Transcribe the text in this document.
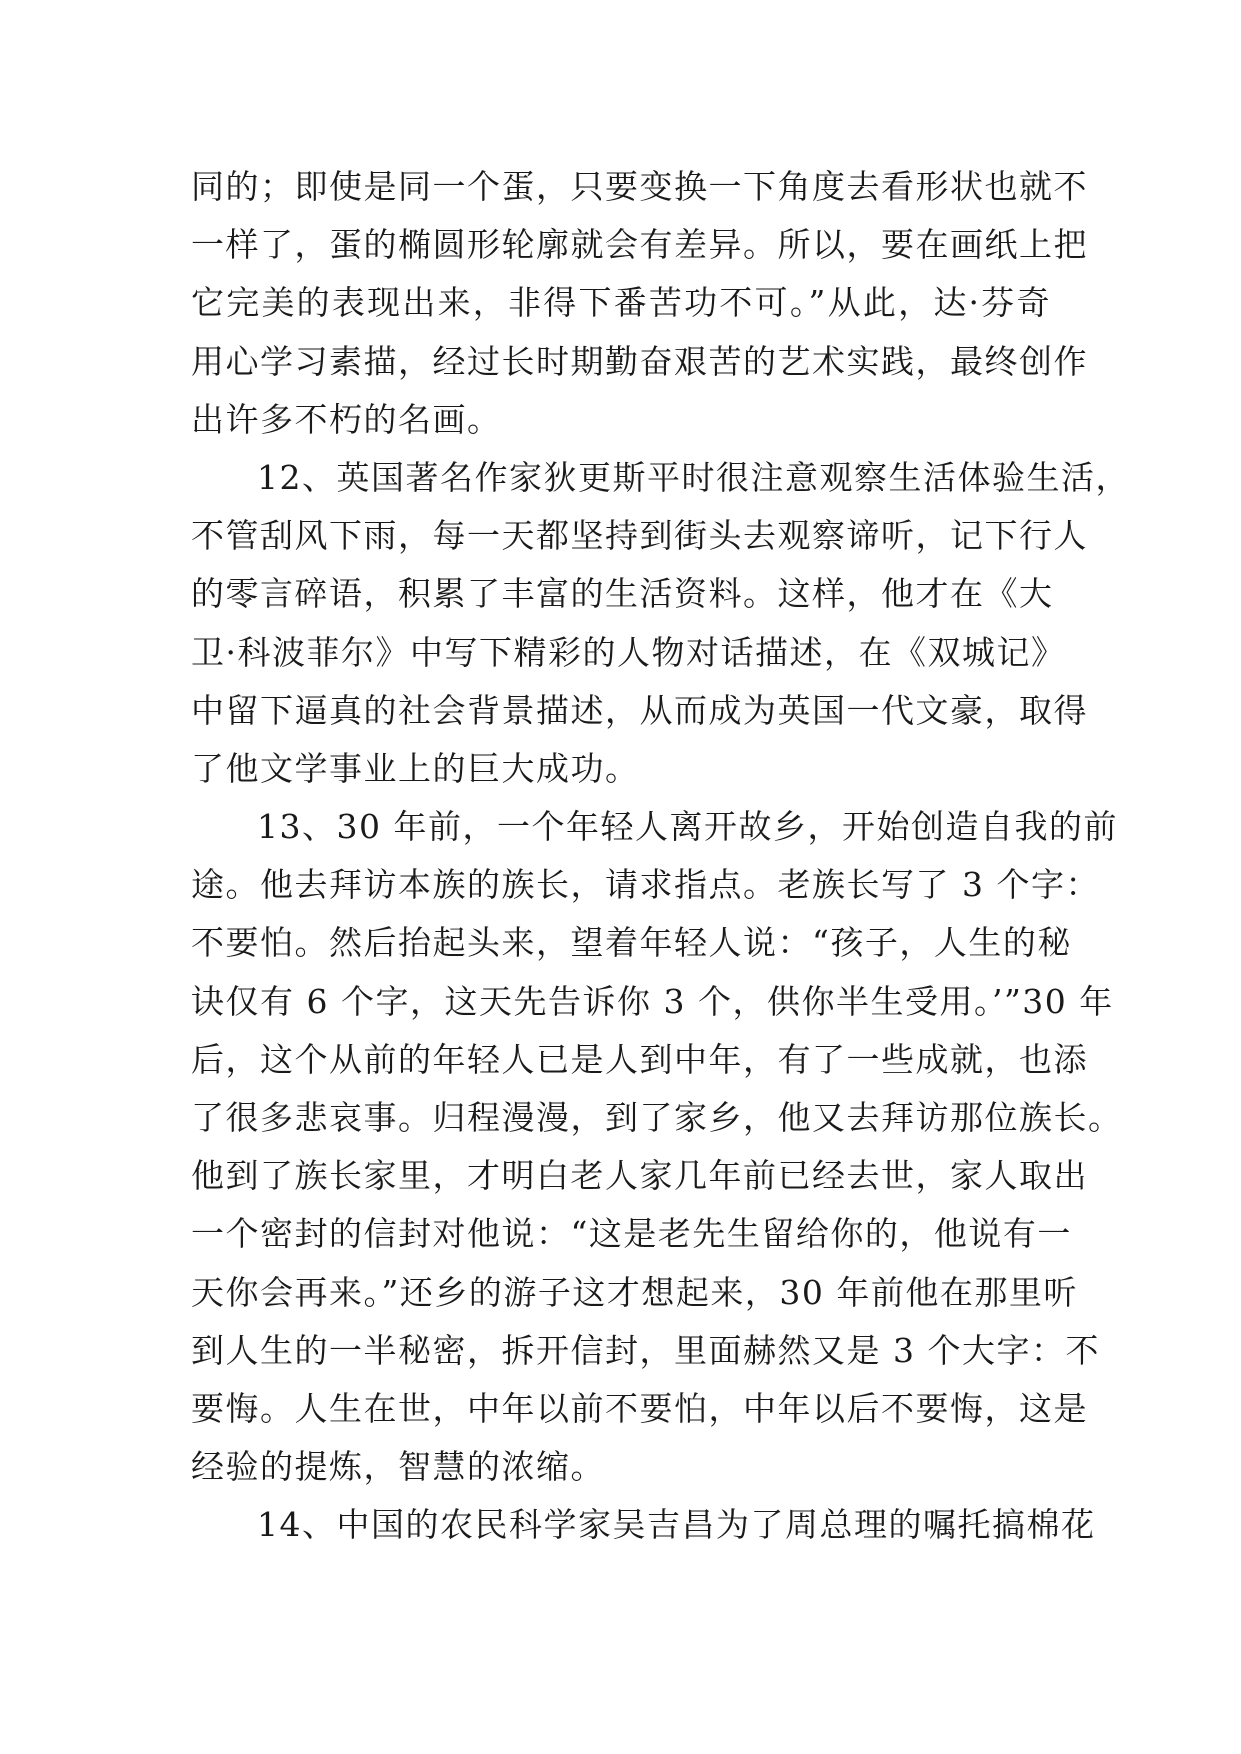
同的；即使是同一个蛋，只要变换一下角度去看形状也就不
一样了，蛋的椭圆形轮廓就会有差异。所以，要在画纸上把
它完美的表现出来，非得下番苦功不可。”从此，达·芬奇
用心学习素描，经过长时期勤奋艰苦的艺术实践，最终创作
出许多不朽的名画。
12、英国著名作家狄更斯平时很注意观察生活体验生活，
不管刮风下雨，每一天都坚持到街头去观察谛听，记下行人
的零言碎语，积累了丰富的生活资料。这样，他才在《大
卫·科波菲尔》中写下精彩的人物对话描述，在《双城记》
中留下逼真的社会背景描述，从而成为英国一代文豪，取得
了他文学事业上的巨大成功。
13、30 年前，一个年轻人离开故乡，开始创造自我的前
途。他去拜访本族的族长，请求指点。老族长写了 3 个字：
不要怕。然后抬起头来，望着年轻人说：“孩子，人生的秘
诀仅有 6 个字，这天先告诉你 3 个，供你半生受用。’”30 年
后，这个从前的年轻人已是人到中年，有了一些成就，也添
了很多悲哀事。归程漫漫，到了家乡，他又去拜访那位族长。
他到了族长家里，才明白老人家几年前已经去世，家人取出
一个密封的信封对他说：“这是老先生留给你的，他说有一
天你会再来。”还乡的游子这才想起来，30 年前他在那里听
到人生的一半秘密，拆开信封，里面赫然又是 3 个大字：不
要悔。人生在世，中年以前不要怕，中年以后不要悔，这是
经验的提炼，智慧的浓缩。
14、中国的农民科学家吴吉昌为了周总理的嘱托搞棉花
